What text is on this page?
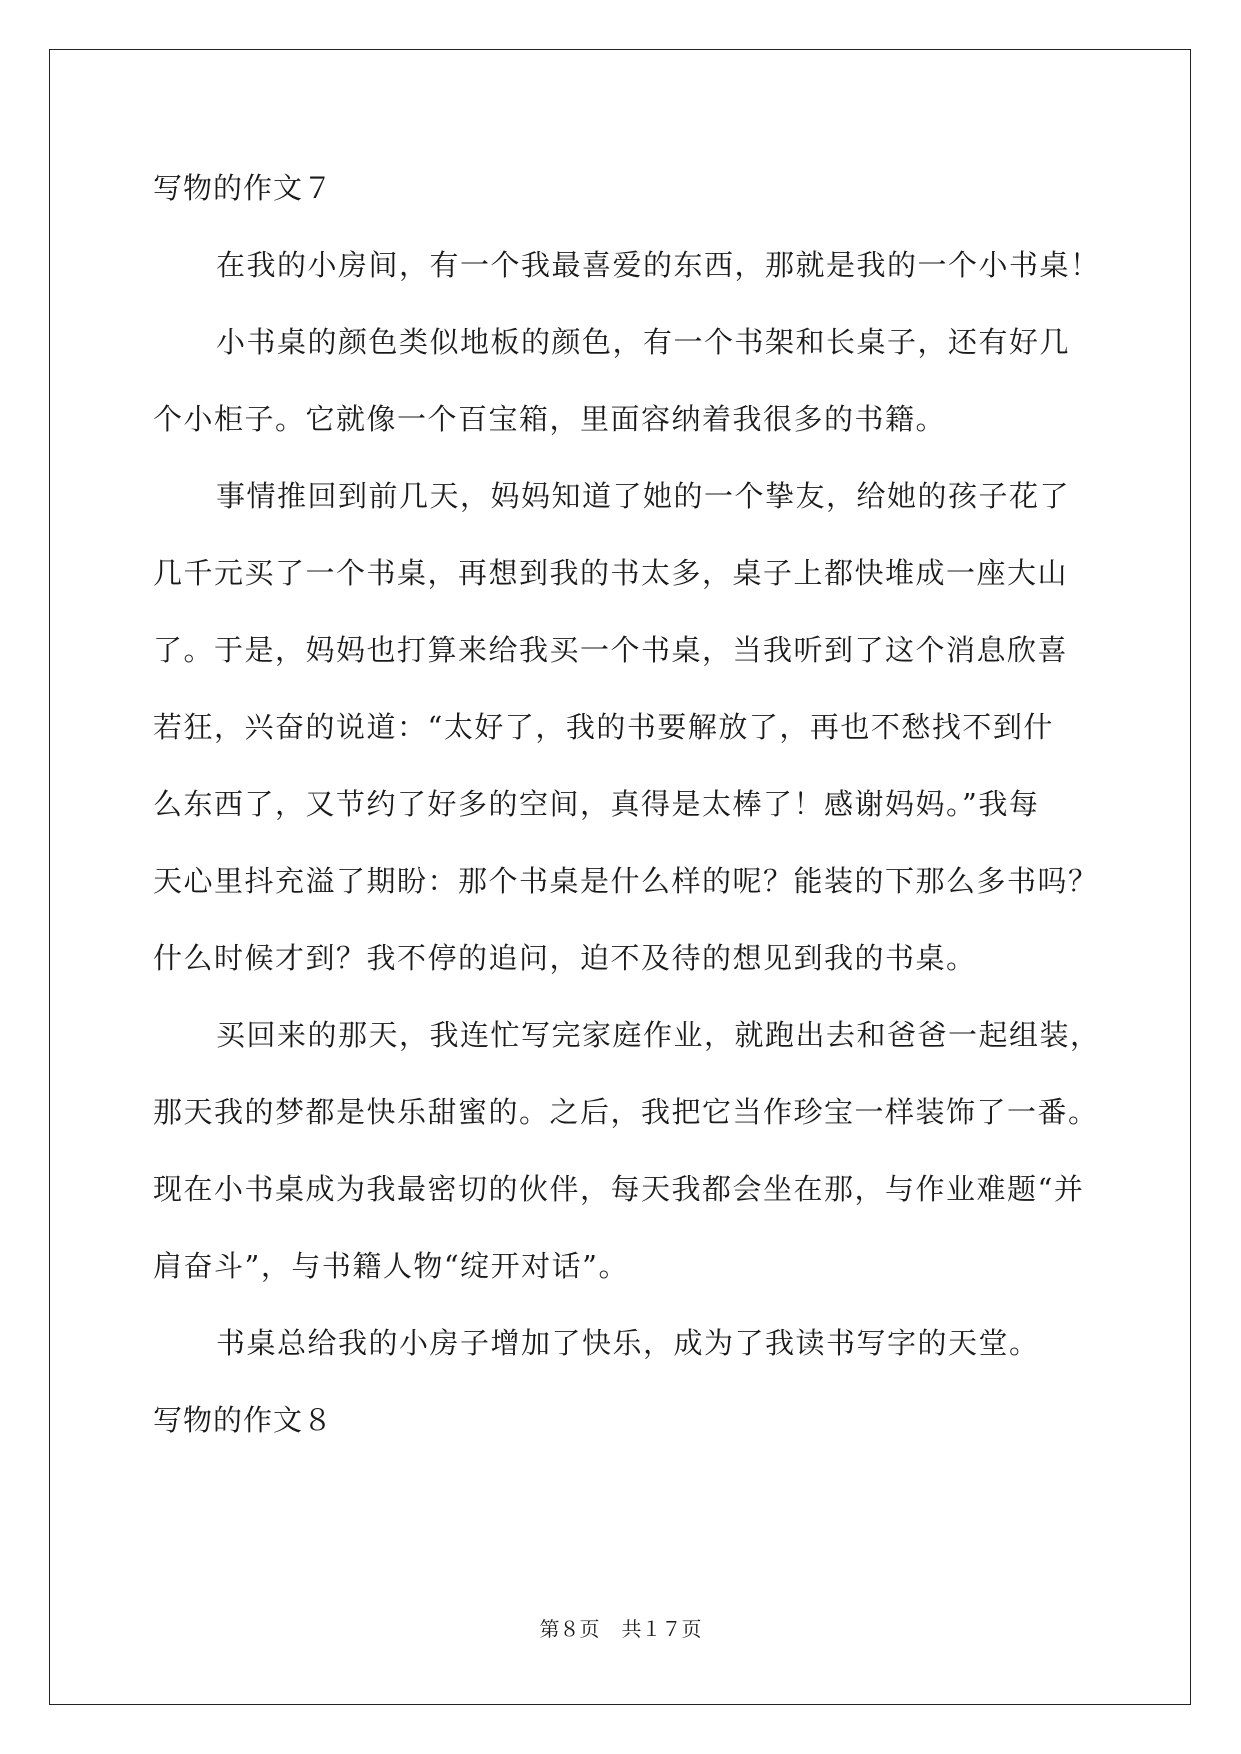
写物的作文７
在我的小房间，有一个我最喜爱的东西，那就是我的一个小书桌！
小书桌的颜色类似地板的颜色，有一个书架和长桌子，还有好几
个小柜子。它就像一个百宝箱，里面容纳着我很多的书籍。
事情推回到前几天，妈妈知道了她的一个挚友，给她的孩子花了
几千元买了一个书桌，再想到我的书太多，桌子上都快堆成一座大山
了。于是，妈妈也打算来给我买一个书桌，当我听到了这个消息欣喜
若狂，兴奋的说道：“太好了，我的书要解放了，再也不愁找不到什
么东西了，又节约了好多的空间，真得是太棒了！感谢妈妈。”我每
天心里抖充溢了期盼：那个书桌是什么样的呢？能装的下那么多书吗？
什么时候才到？我不停的追问，迫不及待的想见到我的书桌。
买回来的那天，我连忙写完家庭作业，就跑出去和爸爸一起组装，
那天我的梦都是快乐甜蜜的。之后，我把它当作珍宝一样装饰了一番。
现在小书桌成为我最密切的伙伴，每天我都会坐在那，与作业难题“并
肩奋斗”，与书籍人物“绽开对话”。
书桌总给我的小房子增加了快乐，成为了我读书写字的天堂。
写物的作文８
第８页 共１７页
